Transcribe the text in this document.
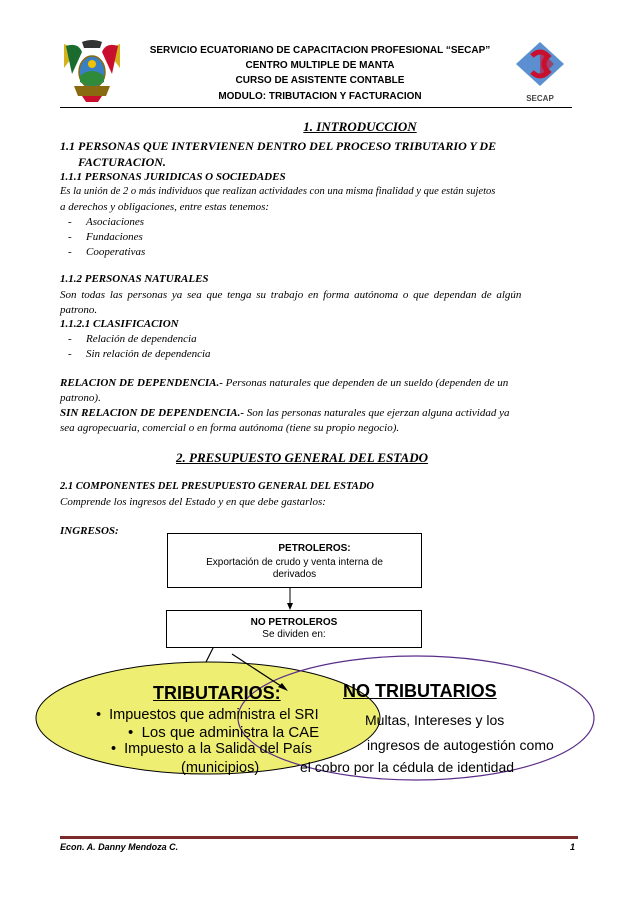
SECAP
SERVICIO ECUATORIANO DE CAPACITACION PROFESIONAL “SECAP”
CENTRO MULTIPLE DE MANTA
CURSO DE ASISTENTE CONTABLE
MODULO: TRIBUTACION Y FACTURACION
1. INTRODUCCION
1.1 PERSONAS QUE INTERVIENEN DENTRO DEL PROCESO TRIBUTARIO Y DE
FACTURACION.
1.1.1 PERSONAS JURIDICAS O SOCIEDADES
Es la unión de 2 o más individuos que realizan actividades con una misma finalidad y que están sujetos
a derechos y obligaciones, entre estas tenemos:
- Asociaciones
- Fundaciones
- Cooperativas
1.1.2 PERSONAS NATURALES
Son todas las personas ya sea que tenga su trabajo en forma autónoma o que dependan de algún
patrono.
1.1.2.1 CLASIFICACION
- Relación de dependencia
- Sin relación de dependencia
RELACION DE DEPENDENCIA.- Personas naturales que dependen de un sueldo (dependen de un
patrono).
SIN RELACION DE DEPENDENCIA.- Son las personas naturales que ejerzan alguna actividad ya
sea agropecuaria, comercial o en forma autónoma (tiene su propio negocio).
2. PRESUPUESTO GENERAL DEL ESTADO
2.1 COMPONENTES DEL PRESUPUESTO GENERAL DEL ESTADO
Comprende los ingresos del Estado y en que debe gastarlos:
INGRESOS:
PETROLEROS:
Exportación de crudo y venta interna de
derivados
NO PETROLEROS
Se dividen en:
TRIBUTARIOS:	NO TRIBUTARIOS
•  Impuestos que administra el SRI
•  Los que administra la CAE
•  Impuesto a la Salida del País
(municipios)
Multas, Intereses y los
ingresos de autogestión como
el cobro por la cédula de identidad
Econ. A. Danny Mendoza C.	1
